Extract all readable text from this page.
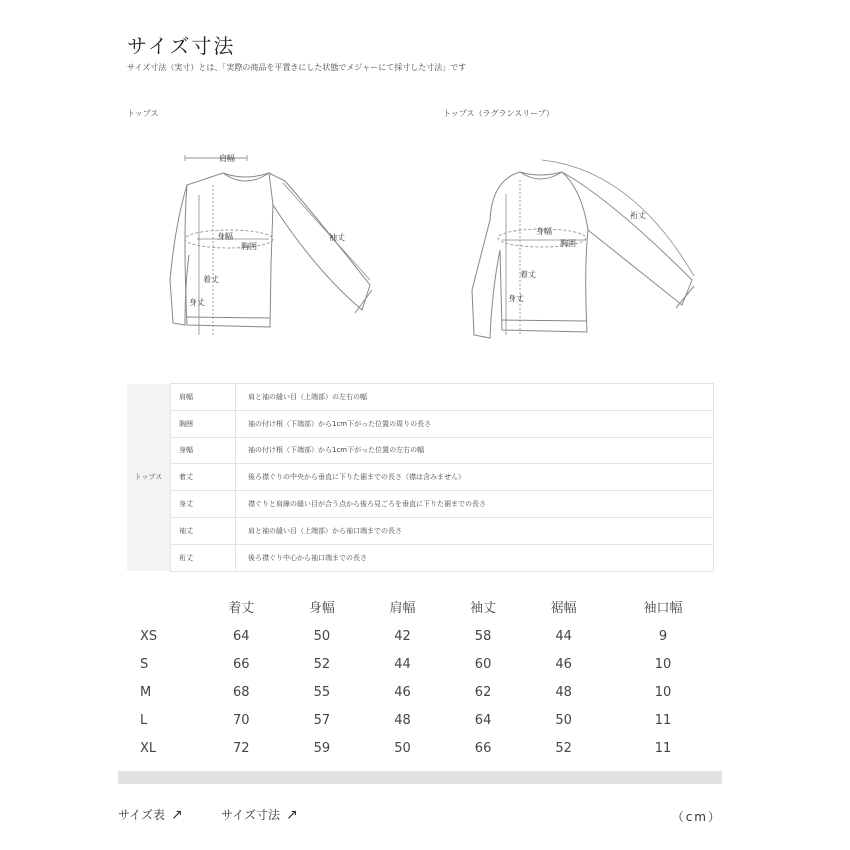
サイズ寸法
サイズ寸法（実寸）とは、「実際の商品を平置きにした状態でメジャーにて採寸した寸法」です
トップス	トップス（ラグランスリーブ）
肩幅
身幅
胸囲
袖丈
着丈
身丈
裄丈
身幅
胸囲
着丈
身丈
トップス	肩幅	肩と袖の縫い目（上端部）の左右の幅
	胸囲	袖の付け根（下端部）から1cm下がった位置の周りの長さ
	身幅	袖の付け根（下端部）から1cm下がった位置の左右の幅
	着丈	後ろ襟ぐりの中央から垂直に下りた裾までの長さ（襟は含みません）
	身丈	襟ぐりと肩線の縫い目が合う点から後ろ見ごろを垂直に下りた裾までの長さ
	袖丈	肩と袖の縫い目（上端部）から袖口端までの長さ
	裄丈	後ろ襟ぐり中心から袖口端までの長さ
	着丈	身幅	肩幅	袖丈	裾幅	袖口幅
XS	64	50	42	58	44	9
S	66	52	44	60	46	10
M	68	55	46	62	48	10
L	70	57	48	64	50	11
XL	72	59	50	66	52	11
サイズ表 ↗	サイズ寸法 ↗	（cm）
